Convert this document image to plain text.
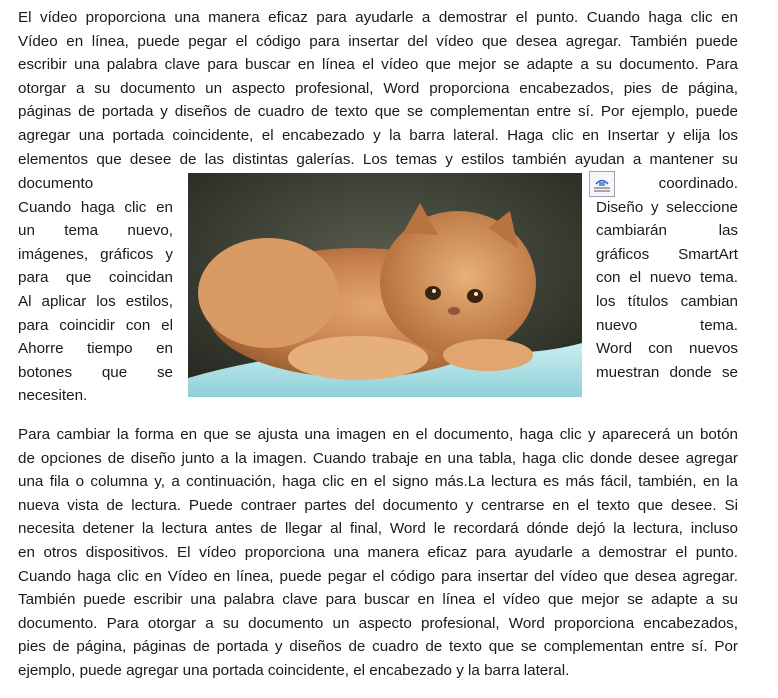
El vídeo proporciona una manera eficaz para ayudarle a demostrar el punto. Cuando haga clic en
Vídeo en línea, puede pegar el código para insertar del vídeo que desea agregar. También puede
escribir una palabra clave para buscar en línea el vídeo que mejor se adapte a su documento. Para
otorgar a su documento un aspecto profesional, Word proporciona encabezados, pies de página,
páginas de portada y diseños de cuadro de texto que se complementan entre sí. Por ejemplo, puede
agregar una portada coincidente, el encabezado y la barra lateral. Haga clic en Insertar y elija los
elementos que desee de las distintas galerías. Los temas y estilos también ayudan a mantener su
documento
Cuando haga clic en
un tema nuevo,
imágenes, gráficos y
para que coincidan
Al aplicar los estilos,
para coincidir con el
Ahorre tiempo en
botones que se
necesiten.
coordinado.
Diseño y seleccione
cambiarán las
gráficos SmartArt
con el nuevo tema.
los títulos cambian
nuevo tema.
Word con nuevos
muestran donde se
Para cambiar la forma en que se ajusta una imagen en el documento, haga clic y aparecerá un botón
de opciones de diseño junto a la imagen. Cuando trabaje en una tabla, haga clic donde desee agregar
una fila o columna y, a continuación, haga clic en el signo más.La lectura es más fácil, también, en la
nueva vista de lectura. Puede contraer partes del documento y centrarse en el texto que desee. Si
necesita detener la lectura antes de llegar al final, Word le recordará dónde dejó la lectura, incluso
en otros dispositivos. El vídeo proporciona una manera eficaz para ayudarle a demostrar el punto.
Cuando haga clic en Vídeo en línea, puede pegar el código para insertar del vídeo que desea agregar.
También puede escribir una palabra clave para buscar en línea el vídeo que mejor se adapte a su
documento. Para otorgar a su documento un aspecto profesional, Word proporciona encabezados,
pies de página, páginas de portada y diseños de cuadro de texto que se complementan entre sí. Por
ejemplo, puede agregar una portada coincidente, el encabezado y la barra lateral.
